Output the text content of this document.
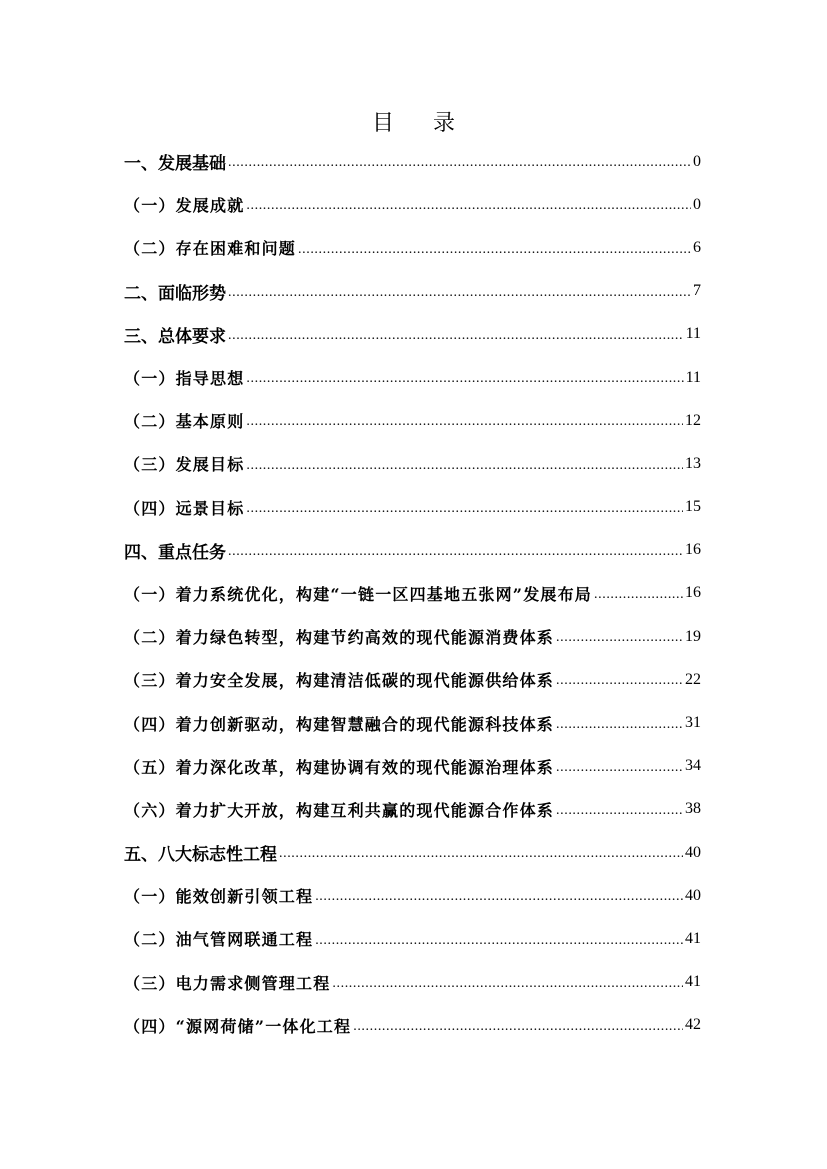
目 录
一、发展基础 .....	0
（一）发展成就 .....	0
（二）存在困难和问题 .....	6
二、面临形势 .....	7
三、总体要求 .....	11
（一）指导思想 .....	11
（二）基本原则 .....	12
（三）发展目标 .....	13
（四）远景目标 .....	15
四、重点任务 .....	16
（一）着力系统优化，构建“一链一区四基地五张网”发展布局 .....	16
（二）着力绿色转型，构建节约高效的现代能源消费体系 .....	19
（三）着力安全发展，构建清洁低碳的现代能源供给体系 .....	22
（四）着力创新驱动，构建智慧融合的现代能源科技体系 .....	31
（五）着力深化改革，构建协调有效的现代能源治理体系 .....	34
（六）着力扩大开放，构建互利共赢的现代能源合作体系 .....	38
五、八大标志性工程 .....	40
（一）能效创新引领工程 .....	40
（二）油气管网联通工程 .....	41
（三）电力需求侧管理工程 .....	41
（四）“源网荷储”一体化工程 .....	42
